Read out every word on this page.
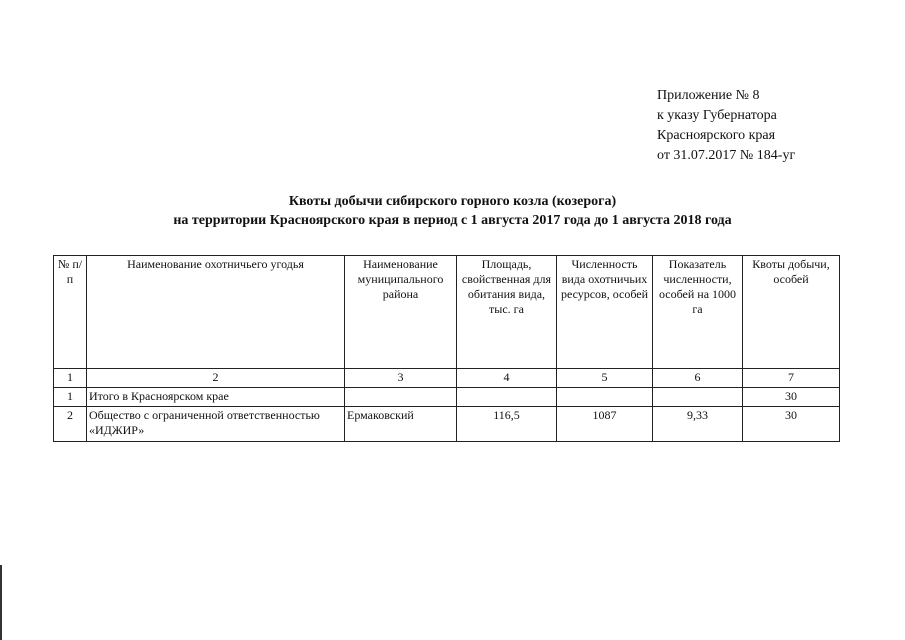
Приложение № 8
к указу Губернатора
Красноярского края
от 31.07.2017 № 184-уг
Квоты добычи сибирского горного козла (козерога)
на территории Красноярского края в период с 1 августа 2017 года до 1 августа 2018 года
№ п/п	Наименование охотничьего угодья	Наименование муниципального района	Площадь, свойственная для обитания вида, тыс. га	Численность вида охотничьих ресурсов, особей	Показатель численности, особей на 1000 га	Квоты добычи, особей
1	2	3	4	5	6	7
1	Итого в Красноярском крае					30
2	Общество с ограниченной ответственностью «ИДЖИР»	Ермаковский	116,5	1087	9,33	30
